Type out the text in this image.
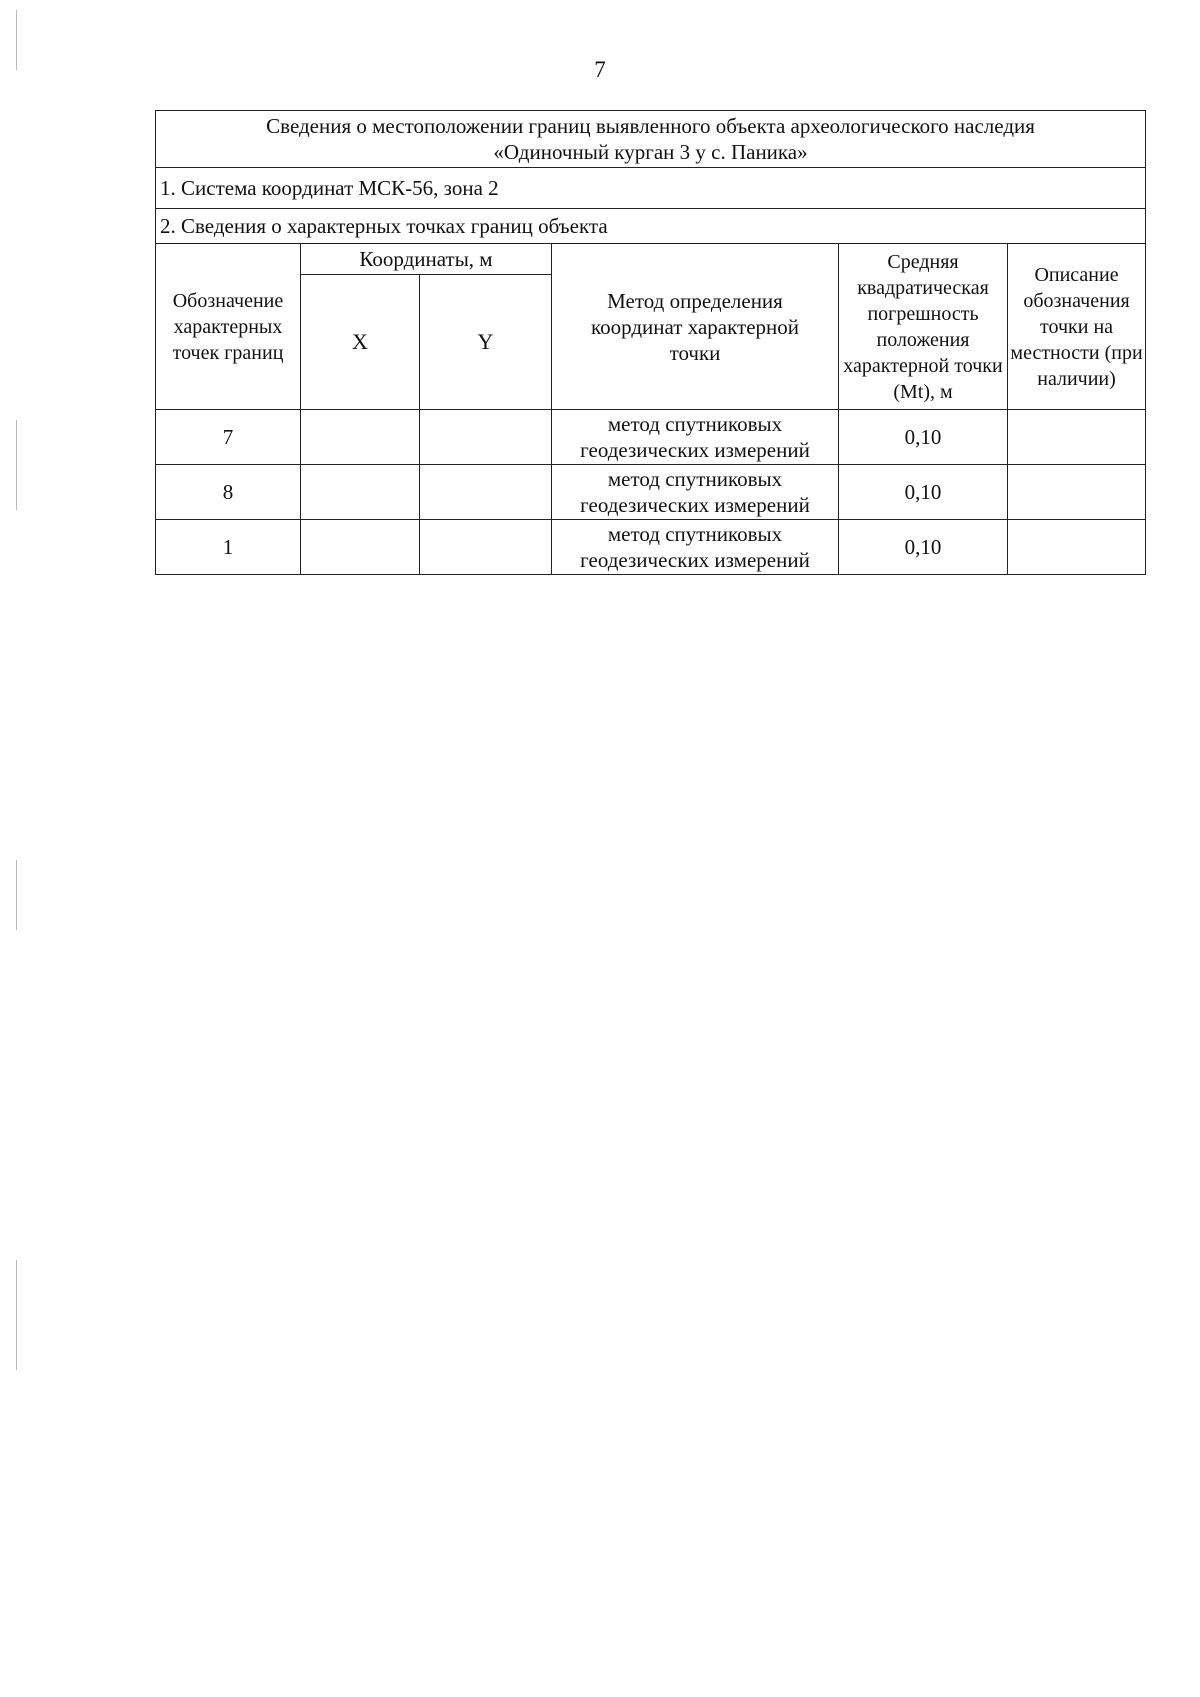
7
Сведения о местоположении границ выявленного объекта археологического наследия
«Одиночный курган 3 у с. Паника»					

1. Система координат МСК-56, зона 2					
2. Сведения о характерных точках границ объекта					
Обозначение характерных точек границ	Координаты, м		Метод определения координат характерной точки	Средняя квадратическая погрешность положения характерной точки (Mt), м	Описание обозначения точки на местности (при наличии)
	X	Y			
7			метод спутниковых геодезических измерений	0,10	
8			метод спутниковых геодезических измерений	0,10	
1			метод спутниковых геодезических измерений	0,10	
